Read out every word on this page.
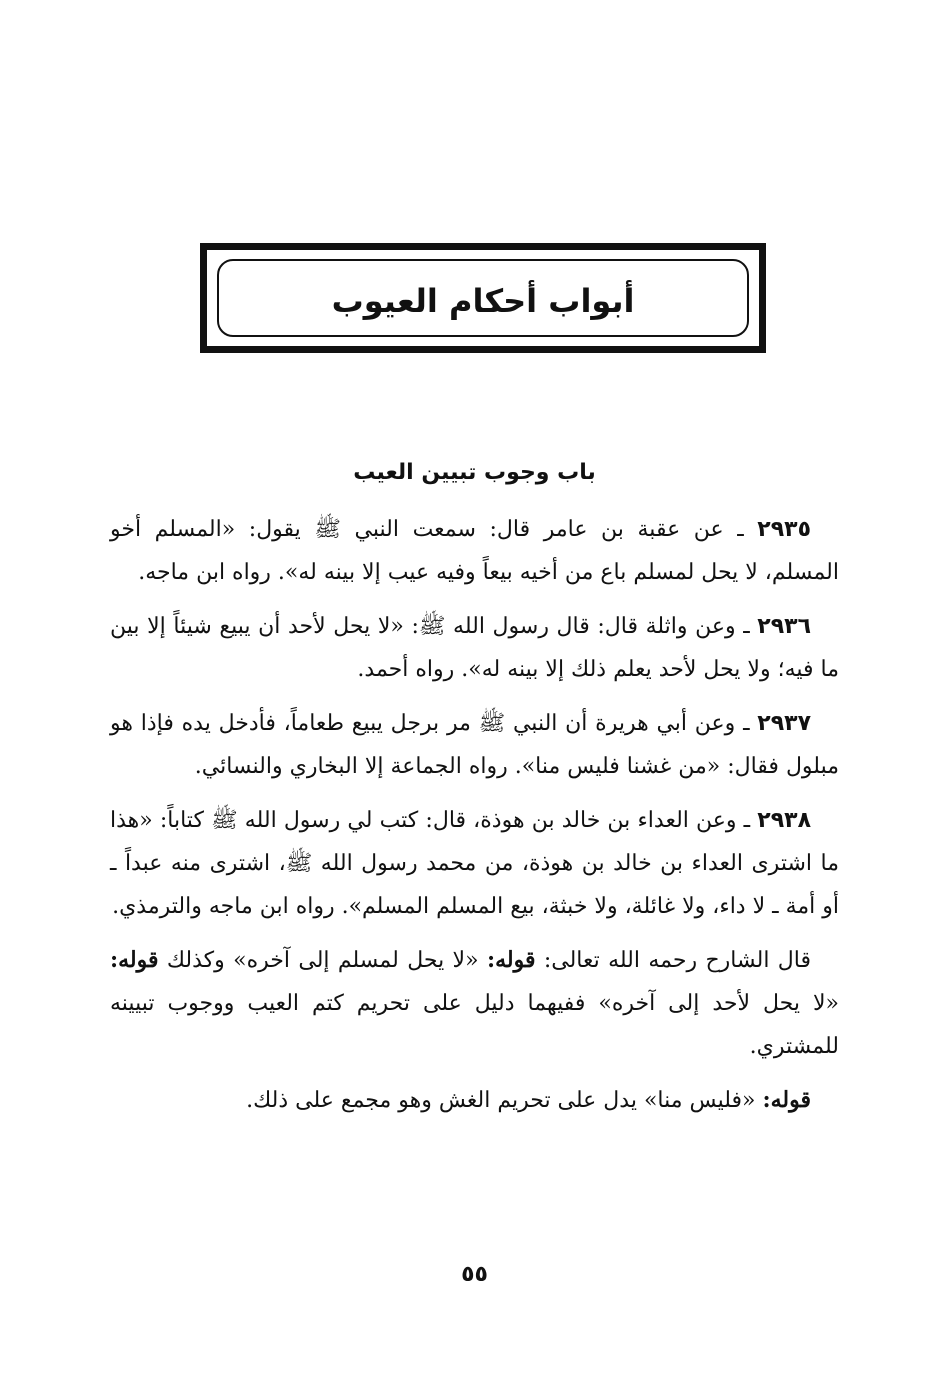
أبواب أحكام العيوب
باب وجوب تبيين العيب

٢٩٣٥ ـ عن عقبة بن عامر قال: سمعت النبي ﷺ يقول: «المسلم أخو المسلم، لا يحل لمسلم باع من أخيه بيعاً وفيه عيب إلا بينه له». رواه ابن ماجه.

٢٩٣٦ ـ وعن واثلة قال: قال رسول الله ﷺ: «لا يحل لأحد أن يبيع شيئاً إلا بين ما فيه؛ ولا يحل لأحد يعلم ذلك إلا بينه له». رواه أحمد.

٢٩٣٧ ـ وعن أبي هريرة أن النبي ﷺ مر برجل يبيع طعاماً، فأدخل يده فإذا هو مبلول فقال: «من غشنا فليس منا». رواه الجماعة إلا البخاري والنسائي.

٢٩٣٨ ـ وعن العداء بن خالد بن هوذة، قال: كتب لي رسول الله ﷺ كتاباً: «هذا ما اشترى العداء بن خالد بن هوذة، من محمد رسول الله ﷺ، اشترى منه عبداً ـ أو أمة ـ لا داء، ولا غائلة، ولا خبثة، بيع المسلم المسلم». رواه ابن ماجه والترمذي.

قال الشارح رحمه الله تعالى: قوله: «لا يحل لمسلم إلى آخره» وكذلك قوله: «لا يحل لأحد إلى آخره» ففيهما دليل على تحريم كتم العيب ووجوب تبيينه للمشتري.

قوله: «فليس منا» يدل على تحريم الغش وهو مجمع على ذلك.

٥٥
